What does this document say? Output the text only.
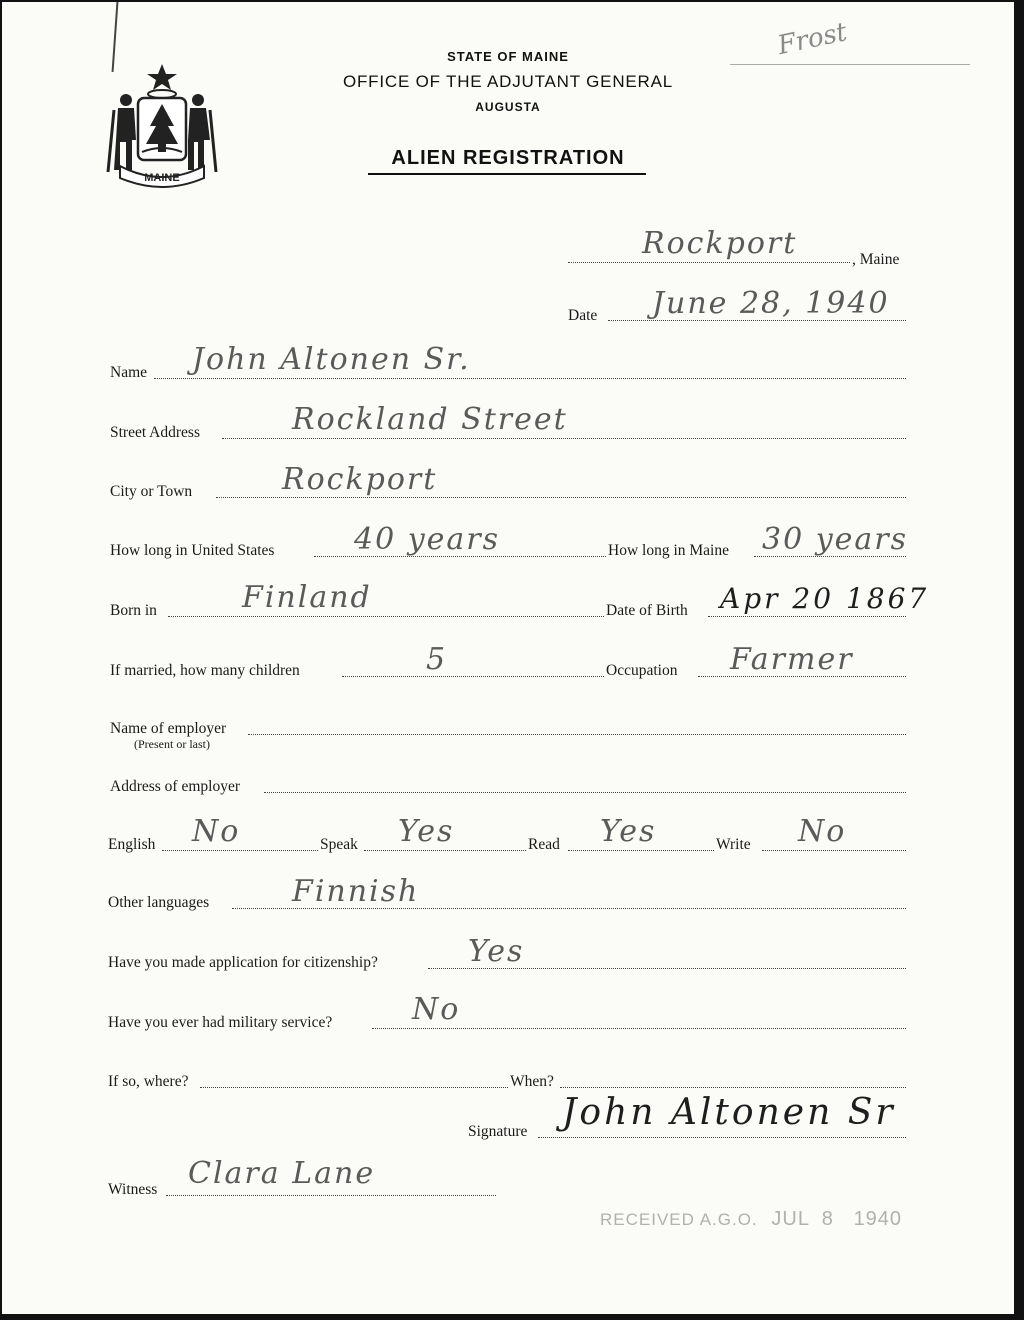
Frost
MAINE
STATE OF MAINE
OFFICE OF THE ADJUTANT GENERAL
AUGUSTA
ALIEN REGISTRATION
Rockport	, Maine
Date June 28, 1940
Name John Altonen Sr.
Street Address	Rockland Street
City or Town	Rockport
How long in United States	40 years	How long in Maine 30 years
Born in	Finland	Date of Birth Apr 20 1867
If married, how many children	5	Occupation Farmer
Name of employer
(Present or last)
Address of employer
English No	Speak Yes	Read Yes	Write No
Other languages	Finnish
Have you made application for citizenship?	Yes
Have you ever had military service?	No
If so, where?	When?
Signature John Altonen Sr
Witness Clara Lane
RECEIVED A.G.O. JUL 8 1940
